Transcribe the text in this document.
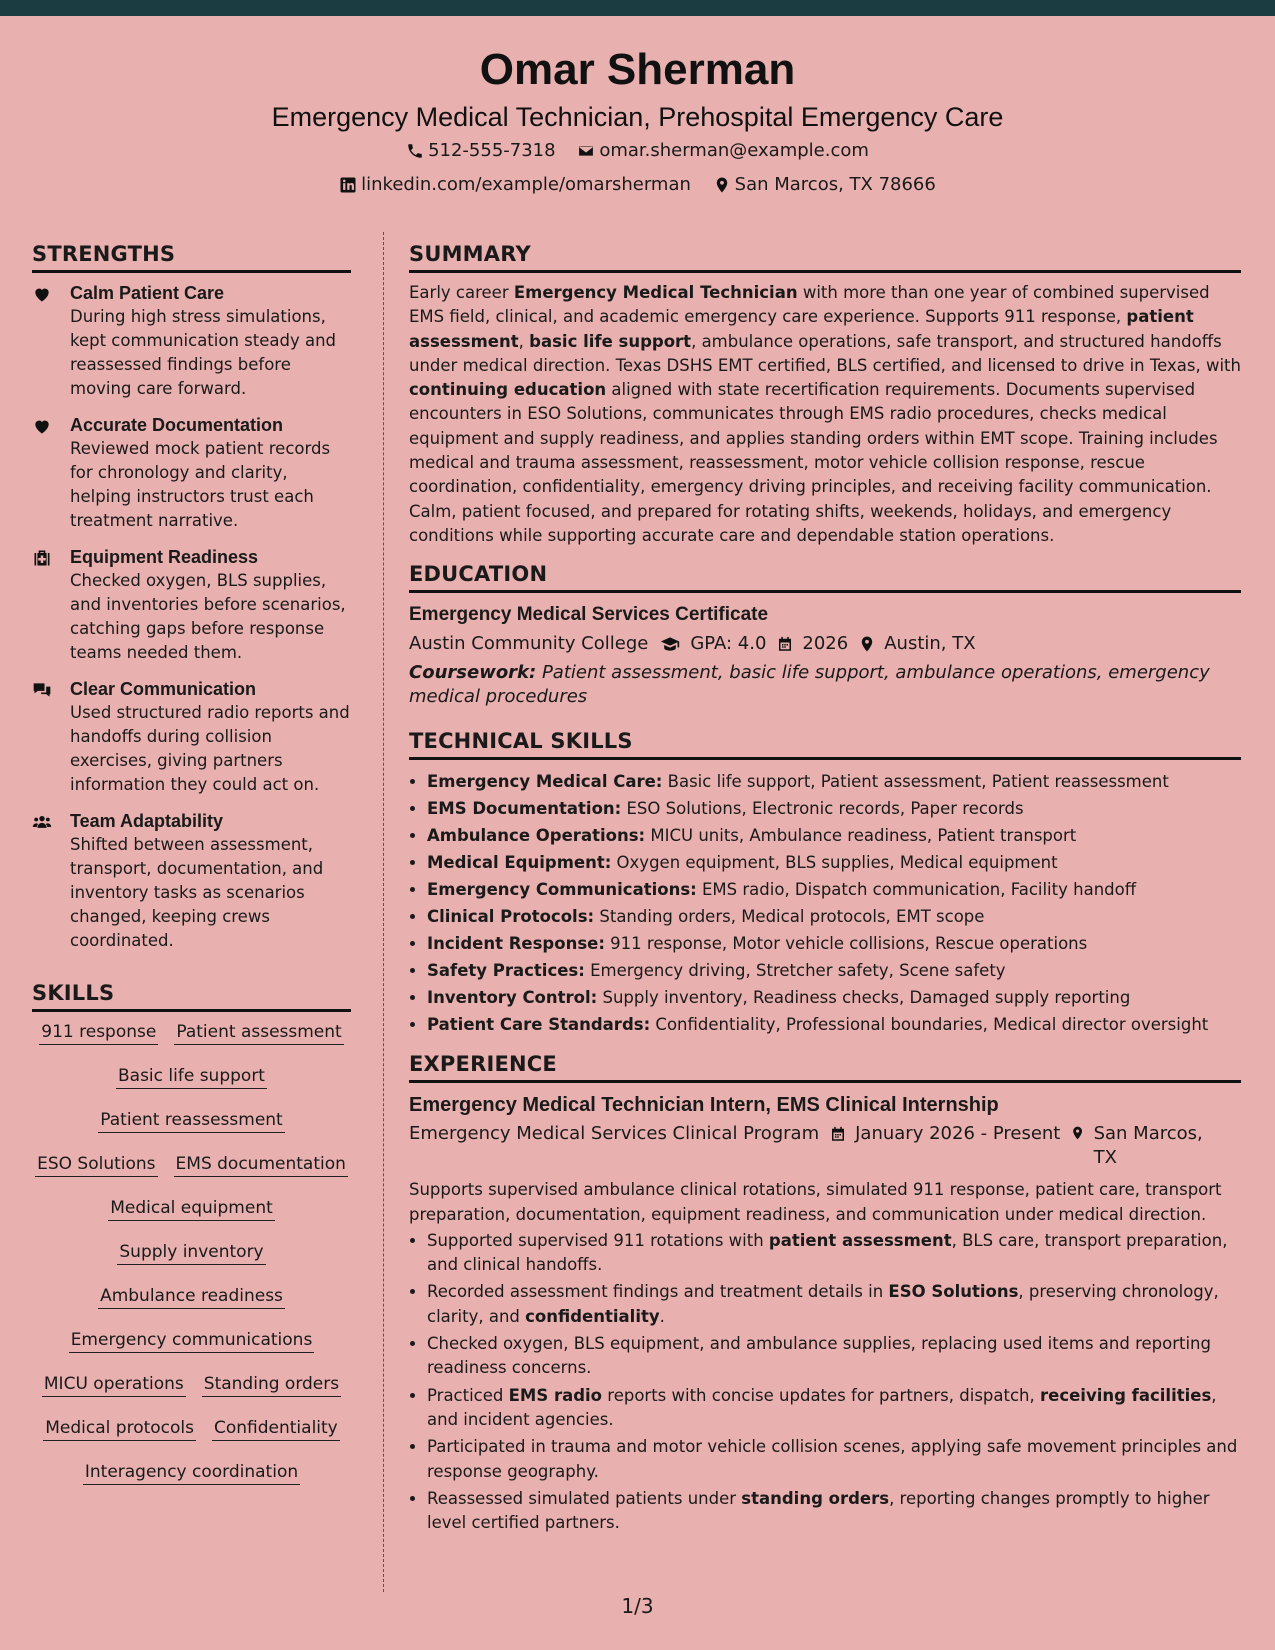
Omar Sherman
Emergency Medical Technician, Prehospital Emergency Care
512-555-7318
omar.sherman@example.com
linkedin.com/example/omarsherman
San Marcos, TX 78666
STRENGTHS
Calm Patient Care
During high stress simulations, kept communication steady and reassessed findings before moving care forward.
Accurate Documentation
Reviewed mock patient records for chronology and clarity, helping instructors trust each treatment narrative.
Equipment Readiness
Checked oxygen, BLS supplies, and inventories before scenarios, catching gaps before response teams needed them.
Clear Communication
Used structured radio reports and handoffs during collision exercises, giving partners information they could act on.
Team Adaptability
Shifted between assessment, transport, documentation, and inventory tasks as scenarios changed, keeping crews coordinated.
SKILLS
911 response Patient assessment
Basic life support
Patient reassessment
ESO Solutions EMS documentation
Medical equipment
Supply inventory
Ambulance readiness
Emergency communications
MICU operations Standing orders
Medical protocols Confidentiality
Interagency coordination
SUMMARY

Early career Emergency Medical Technician with more than one year of combined supervised EMS field, clinical, and academic emergency care experience. Supports 911 response, patient assessment, basic life support, ambulance operations, safe transport, and structured handoffs under medical direction. Texas DSHS EMT certified, BLS certified, and licensed to drive in Texas, with continuing education aligned with state recertification requirements. Documents supervised encounters in ESO Solutions, communicates through EMS radio procedures, checks medical equipment and supply readiness, and applies standing orders within EMT scope. Training includes medical and trauma assessment, reassessment, motor vehicle collision response, rescue coordination, confidentiality, emergency driving principles, and receiving facility communication. Calm, patient focused, and prepared for rotating shifts, weekends, holidays, and emergency conditions while supporting accurate care and dependable station operations.

EDUCATION
Emergency Medical Services Certificate
Austin Community College GPA: 4.0 2026 Austin, TX
Coursework: Patient assessment, basic life support, ambulance operations, emergency medical procedures
TECHNICAL SKILLS
• Emergency Medical Care: Basic life support, Patient assessment, Patient reassessment
• EMS Documentation: ESO Solutions, Electronic records, Paper records
• Ambulance Operations: MICU units, Ambulance readiness, Patient transport
• Medical Equipment: Oxygen equipment, BLS supplies, Medical equipment
• Emergency Communications: EMS radio, Dispatch communication, Facility handoff
• Clinical Protocols: Standing orders, Medical protocols, EMT scope
• Incident Response: 911 response, Motor vehicle collisions, Rescue operations
• Safety Practices: Emergency driving, Stretcher safety, Scene safety
• Inventory Control: Supply inventory, Readiness checks, Damaged supply reporting
• Patient Care Standards: Confidentiality, Professional boundaries, Medical director oversight
EXPERIENCE
Emergency Medical Technician Intern, EMS Clinical Internship
Emergency Medical Services Clinical Program January 2026 - Present San Marcos, TX

Supports supervised ambulance clinical rotations, simulated 911 response, patient care, transport preparation, documentation, equipment readiness, and communication under medical direction.

• Supported supervised 911 rotations with patient assessment, BLS care, transport preparation, and clinical handoffs.
• Recorded assessment findings and treatment details in ESO Solutions, preserving chronology, clarity, and confidentiality.
• Checked oxygen, BLS equipment, and ambulance supplies, replacing used items and reporting readiness concerns.
• Practiced EMS radio reports with concise updates for partners, dispatch, receiving facilities, and incident agencies.
• Participated in trauma and motor vehicle collision scenes, applying safe movement principles and response geography.
• Reassessed simulated patients under standing orders, reporting changes promptly to higher level certified partners.
1/3
